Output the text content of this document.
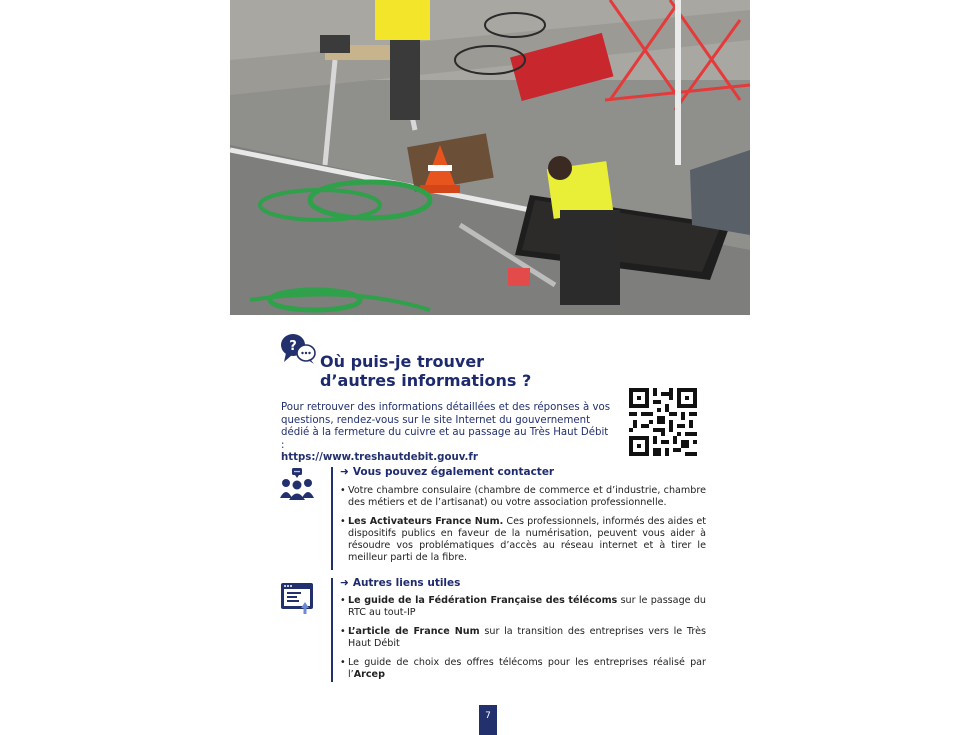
?
Où puis-je trouver
d’autres informations ?

Pour retrouver des informations détaillées et des réponses à vos questions, rendez-vous sur le site Internet du gouvernement dédié à la fermeture du cuivre et au passage au Très Haut Débit :
https://www.treshautdebit.gouv.fr

➜ Vous pouvez également contacter
• Votre chambre consulaire (chambre de commerce et d’industrie, chambre des métiers et de l’artisanat) ou votre association professionnelle.
• Les Activateurs France Num. Ces professionnels, informés des aides et dispositifs publics en faveur de la numérisation, peuvent vous aider à résoudre vos problématiques d’accès au réseau internet et à tirer le meilleur parti de la fibre.
➜ Autres liens utiles
• Le guide de la Fédération Française des télécoms sur le passage du RTC au tout-IP
• L’article de France Num sur la transition des entreprises vers le Très Haut Débit
• Le guide de choix des offres télécoms pour les entreprises réalisé par l’Arcep
7
